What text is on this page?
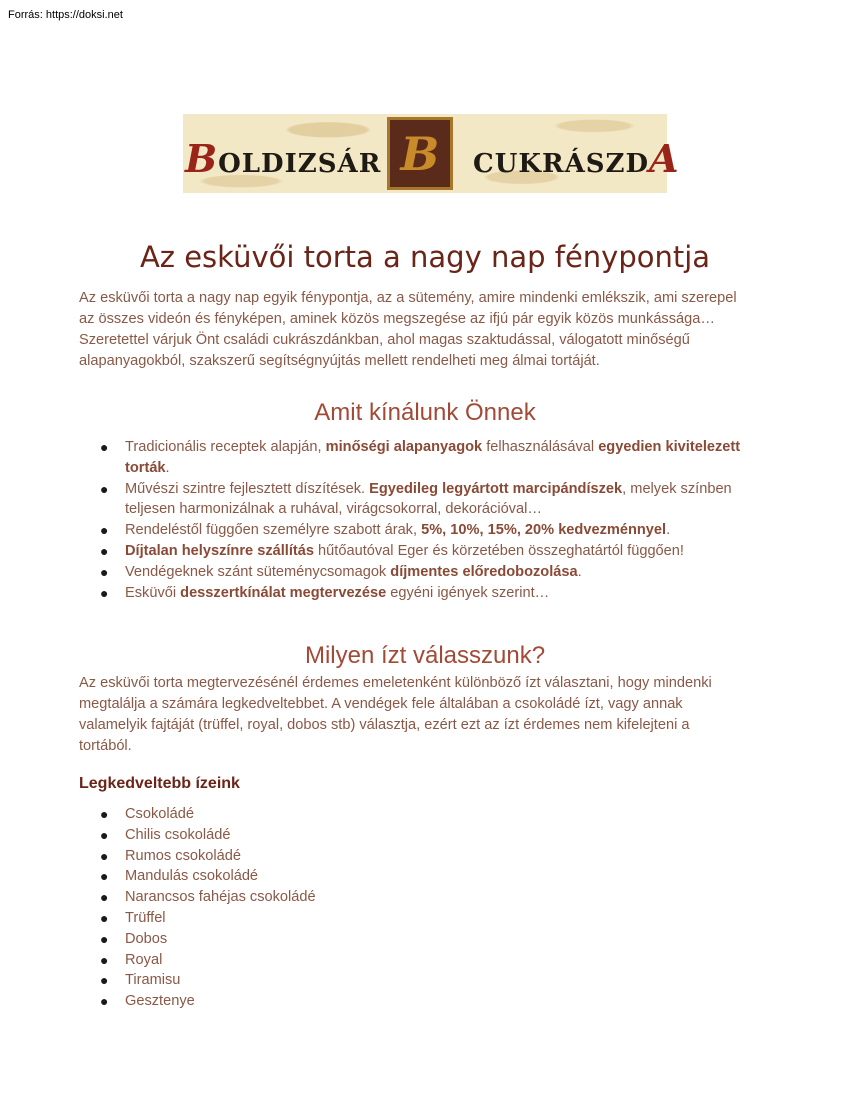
Forrás: https://doksi.net
BOLDIZSÁR B	CUKRÁSZDA
Az esküvői torta a nagy nap fénypontja

Az esküvői torta a nagy nap egyik fénypontja, az a sütemény, amire mindenki emlékszik, ami szerepel
az összes videón és fényképen, aminek közös megszegése az ifjú pár egyik közös munkássága…
Szeretettel várjuk Önt családi cukrászdánkban, ahol magas szaktudással, válogatott minőségű
alapanyagokból, szakszerű segítségnyújtás mellett rendelheti meg álmai tortáját.

Amit kínálunk Önnek
● Tradicionális receptek alapján, minőségi alapanyagok felhasználásával egyedien kivitelezett
torták.
● Művészi szintre fejlesztett díszítések. Egyedileg legyártott marcipándíszek, melyek színben
teljesen harmonizálnak a ruhával, virágcsokorral, dekorációval…
● Rendeléstől függően személyre szabott árak, 5%, 10%, 15%, 20% kedvezménnyel.
● Díjtalan helyszínre szállítás hűtőautóval Eger és körzetében összeghatártól függően!
● Vendégeknek szánt süteménycsomagok díjmentes előredobozolása.
● Esküvői desszertkínálat megtervezése egyéni igények szerint…
Milyen ízt válasszunk?

Az esküvői torta megtervezésénél érdemes emeletenként különböző ízt választani, hogy mindenki
megtalálja a számára legkedveltebbet. A vendégek fele általában a csokoládé ízt, vagy annak
valamelyik fajtáját (trüffel, royal, dobos stb) választja, ezért ezt az ízt érdemes nem kifelejteni a
tortából.

Legkedveltebb ízeink
● Csokoládé
● Chilis csokoládé
● Rumos csokoládé
● Mandulás csokoládé
● Narancsos fahéjas csokoládé
● Trüffel
● Dobos
● Royal
● Tiramisu
● Gesztenye
